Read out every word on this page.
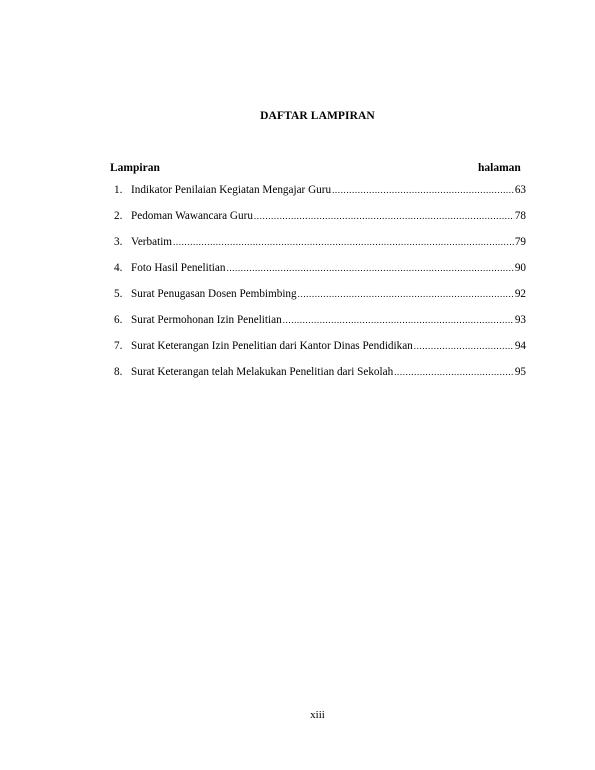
DAFTAR LAMPIRAN
Lampiran	halaman
1. Indikator Penilaian Kegiatan Mengajar Guru .....	63
2. Pedoman Wawancara Guru .....	78
3. Verbatim .....	79
4. Foto Hasil Penelitian .....	90
5. Surat Penugasan Dosen Pembimbing .....	92
6. Surat Permohonan Izin Penelitian .....	93
7. Surat Keterangan Izin Penelitian dari Kantor Dinas Pendidikan .....	94
8. Surat Keterangan telah Melakukan Penelitian dari Sekolah .....	95
xiii
